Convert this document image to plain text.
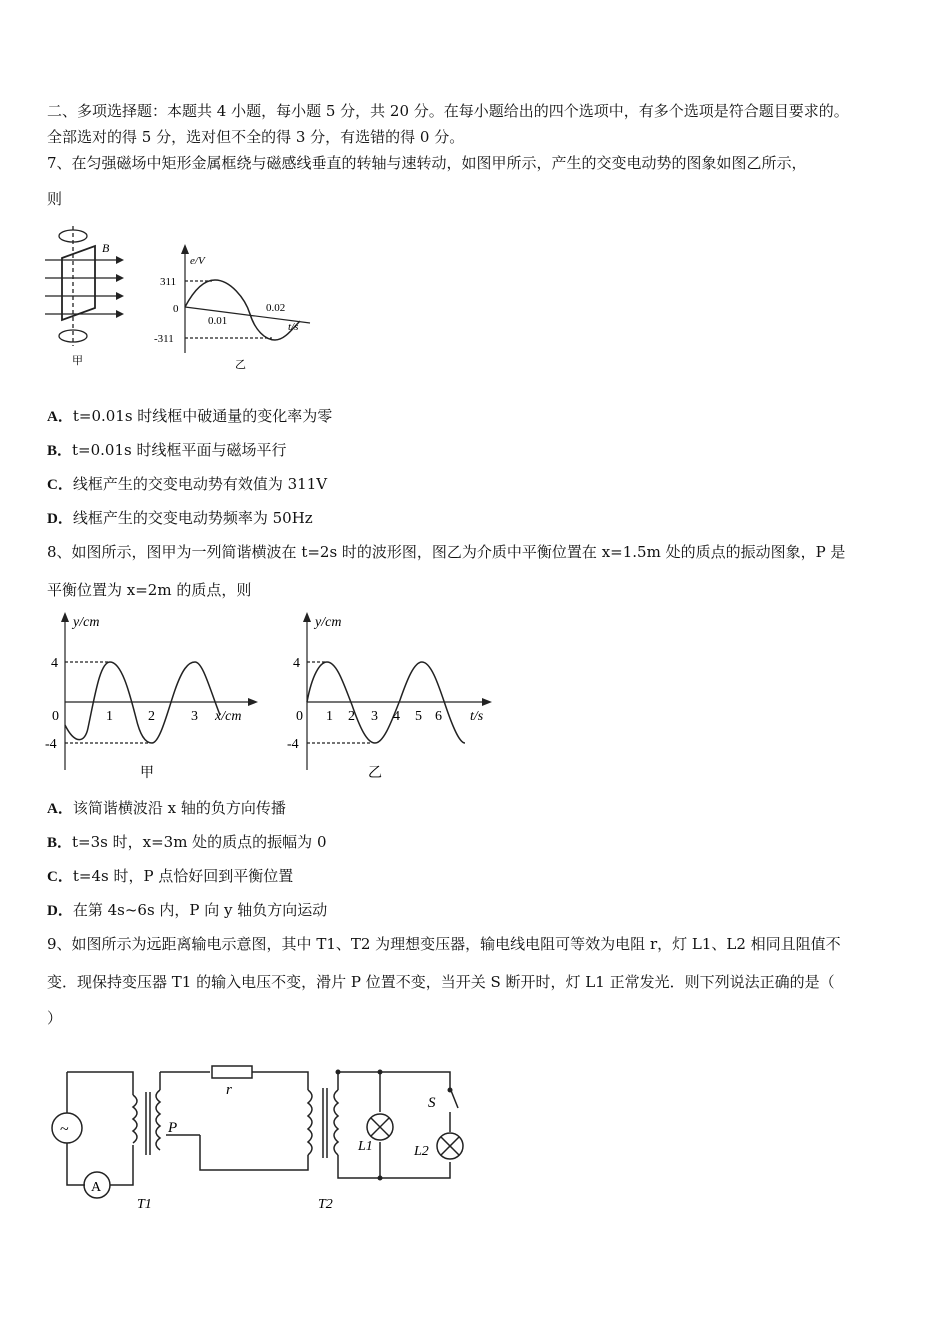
二、多项选择题：本题共 4 小题，每小题 5 分，共 20 分。在每小题给出的四个选项中，有多个选项是符合题目要求的。
全部选对的得 5 分，选对但不全的得 3 分，有选错的得 0 分。
7、在匀强磁场中矩形金属框绕与磁感线垂直的转轴与速转动，如图甲所示，产生的交变电动势的图象如图乙所示，
则
B
甲
e/V
t/s
311
0
-311
0.01
0.02
乙
A．t=0.01s 时线框中破通量的变化率为零
B．t=0.01s 时线框平面与磁场平行
C．线框产生的交变电动势有效值为 311V
D．线框产生的交变电动势频率为 50Hz
8、如图所示，图甲为一列简谐横波在 t=2s 时的波形图，图乙为介质中平衡位置在 x=1.5m 处的质点的振动图象，P 是
平衡位置为 x=2m 的质点，则
y/cm
x/cm
4
-4
0	1	2	3
甲
y/cm
t/s
4
-4
0 1 2 3 4 5 6
乙
A．该简谐横波沿 x 轴的负方向传播
B．t=3s 时，x=3m 处的质点的振幅为 0
C．t=4s 时，P 点恰好回到平衡位置
D．在第 4s~6s 内，P 向 y 轴负方向运动
9、如图所示为远距离输电示意图，其中 T1、T2 为理想变压器，输电线电阻可等效为电阻 r，灯 L1、L2 相同且阻值不
变．现保持变压器 T1 的输入电压不变，滑片 P 位置不变，当开关 S 断开时，灯 L1 正常发光．则下列说法正确的是（
）
~
A
P
r
S
L1	L2
T1	T2
